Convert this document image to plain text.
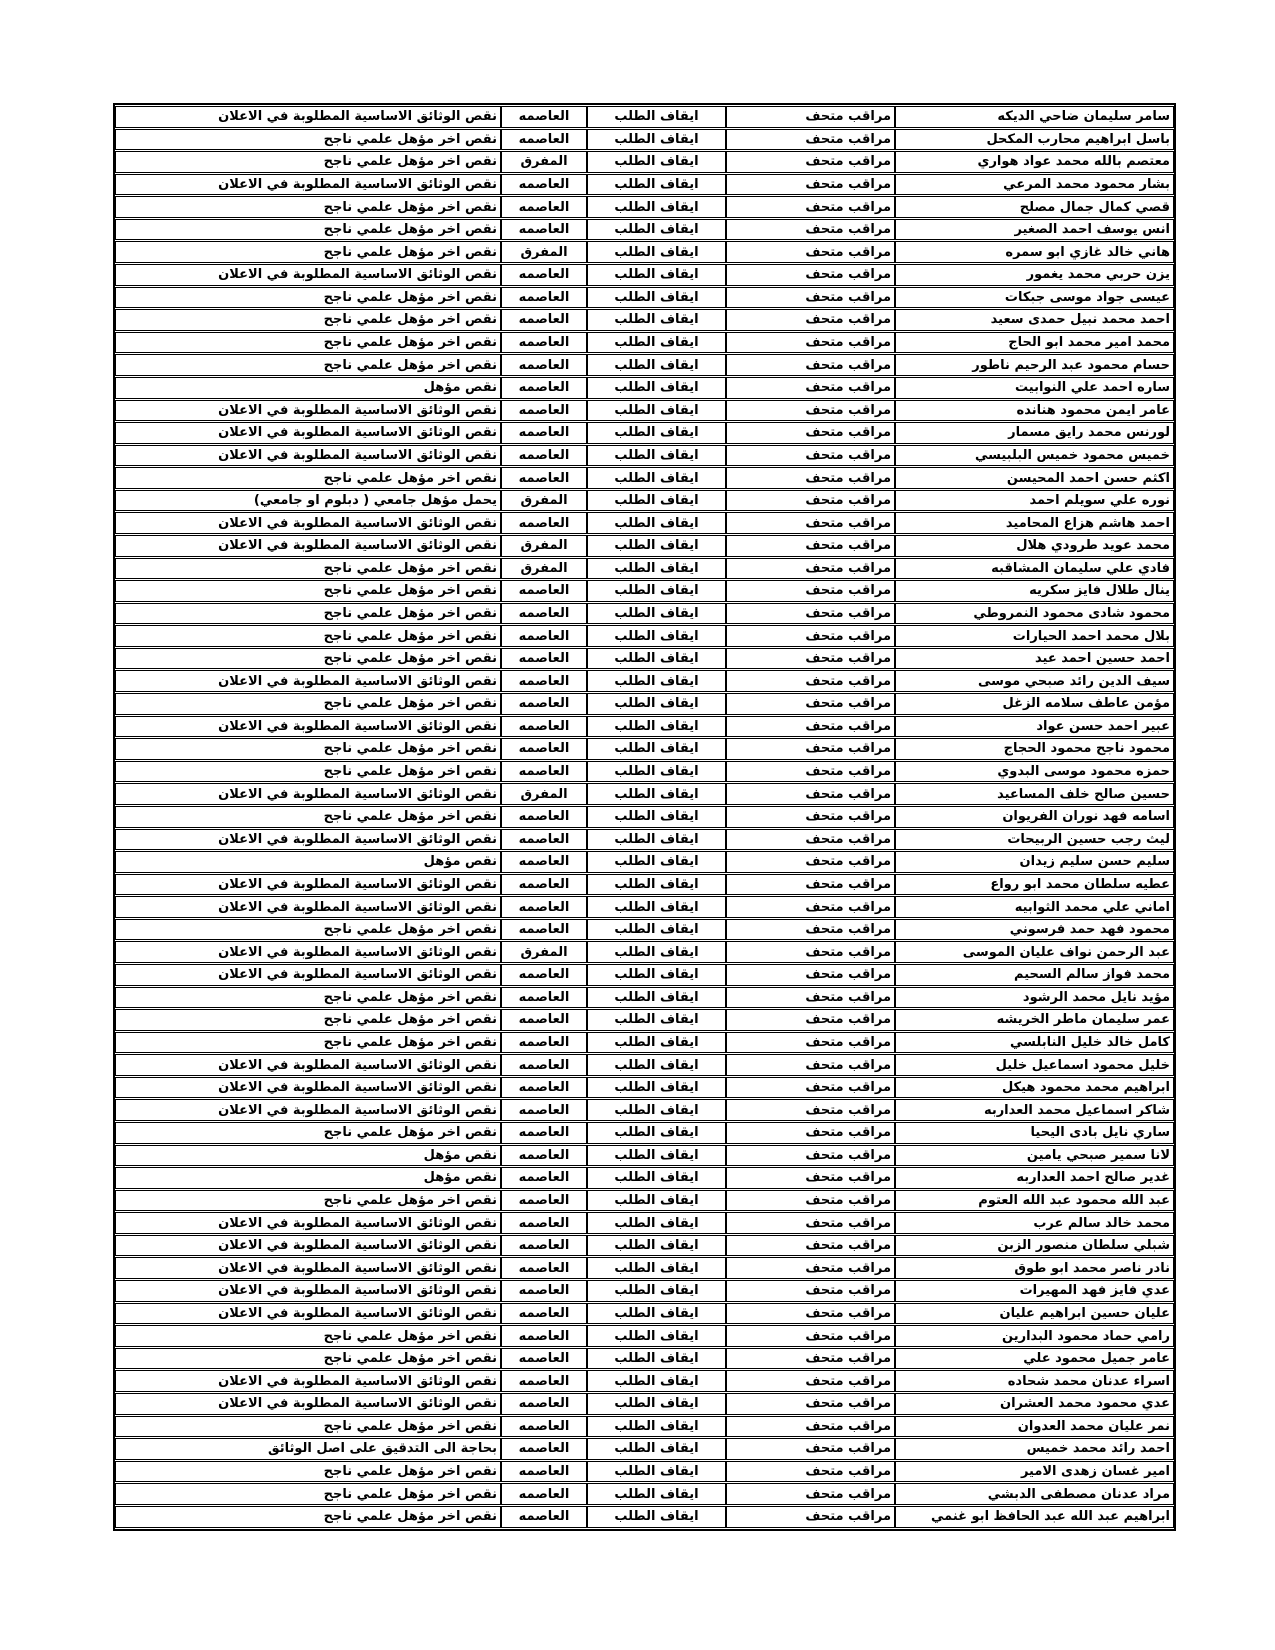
سامر سليمان ضاحي الديكه	مراقب متحف	ايقاف الطلب	العاصمه	نقص الوثائق الاساسية المطلوبة في الاعلان
باسل ابراهيم محارب المكحل	مراقب متحف	ايقاف الطلب	العاصمه	نقص اخر مؤهل علمي ناجح
معتصم بالله محمد عواد هواري	مراقب متحف	ايقاف الطلب	المفرق	نقص اخر مؤهل علمي ناجح
بشار محمود محمد المرعي	مراقب متحف	ايقاف الطلب	العاصمه	نقص الوثائق الاساسية المطلوبة في الاعلان
قصي كمال جمال مصلح	مراقب متحف	ايقاف الطلب	العاصمه	نقص اخر مؤهل علمي ناجح
انس يوسف احمد الصغير	مراقب متحف	ايقاف الطلب	العاصمه	نقص اخر مؤهل علمي ناجح
هاني خالد غازي ابو سمره	مراقب متحف	ايقاف الطلب	المفرق	نقص اخر مؤهل علمي ناجح
يزن حربي محمد يغمور	مراقب متحف	ايقاف الطلب	العاصمه	نقص الوثائق الاساسية المطلوبة في الاعلان
عيسى جواد موسى جبكات	مراقب متحف	ايقاف الطلب	العاصمه	نقص اخر مؤهل علمي ناجح
احمد محمد نبيل حمدى سعيد	مراقب متحف	ايقاف الطلب	العاصمه	نقص اخر مؤهل علمي ناجح
محمد امير محمد ابو الحاج	مراقب متحف	ايقاف الطلب	العاصمه	نقص اخر مؤهل علمي ناجح
حسام محمود عبد الرحيم ناطور	مراقب متحف	ايقاف الطلب	العاصمه	نقص اخر مؤهل علمي ناجح
ساره احمد علي النوابيت	مراقب متحف	ايقاف الطلب	العاصمه	نقص مؤهل
عامر ايمن محمود هنانده	مراقب متحف	ايقاف الطلب	العاصمه	نقص الوثائق الاساسية المطلوبة في الاعلان
لورنس محمد رايق مسمار	مراقب متحف	ايقاف الطلب	العاصمه	نقص الوثائق الاساسية المطلوبة في الاعلان
خميس محمود خميس البلبيسي	مراقب متحف	ايقاف الطلب	العاصمه	نقص الوثائق الاساسية المطلوبة في الاعلان
اكثم حسن احمد المحيسن	مراقب متحف	ايقاف الطلب	العاصمه	نقص اخر مؤهل علمي ناجح
نوره علي سويلم احمد	مراقب متحف	ايقاف الطلب	المفرق	يحمل مؤهل جامعي ( دبلوم او جامعي)
احمد هاشم هزاع المحاميد	مراقب متحف	ايقاف الطلب	العاصمه	نقص الوثائق الاساسية المطلوبة في الاعلان
محمد عويد طرودي هلال	مراقب متحف	ايقاف الطلب	المفرق	نقص الوثائق الاساسية المطلوبة في الاعلان
فادي علي سليمان المشاقبه	مراقب متحف	ايقاف الطلب	المفرق	نقص اخر مؤهل علمي ناجح
ينال طلال فايز سكريه	مراقب متحف	ايقاف الطلب	العاصمه	نقص اخر مؤهل علمي ناجح
محمود شادى محمود النمروطي	مراقب متحف	ايقاف الطلب	العاصمه	نقص اخر مؤهل علمي ناجح
بلال محمد احمد الحيارات	مراقب متحف	ايقاف الطلب	العاصمه	نقص اخر مؤهل علمي ناجح
احمد حسين احمد عيد	مراقب متحف	ايقاف الطلب	العاصمه	نقص اخر مؤهل علمي ناجح
سيف الدين رائد صبحي موسى	مراقب متحف	ايقاف الطلب	العاصمه	نقص الوثائق الاساسية المطلوبة في الاعلان
مؤمن عاطف سلامه الزغل	مراقب متحف	ايقاف الطلب	العاصمه	نقص اخر مؤهل علمي ناجح
عبير احمد حسن عواد	مراقب متحف	ايقاف الطلب	العاصمه	نقص الوثائق الاساسية المطلوبة في الاعلان
محمود ناجح محمود الحجاج	مراقب متحف	ايقاف الطلب	العاصمه	نقص اخر مؤهل علمي ناجح
حمزه محمود موسى البدوي	مراقب متحف	ايقاف الطلب	العاصمه	نقص اخر مؤهل علمي ناجح
حسين صالح خلف المساعيد	مراقب متحف	ايقاف الطلب	المفرق	نقص الوثائق الاساسية المطلوبة في الاعلان
اسامه فهد نوران الفريوان	مراقب متحف	ايقاف الطلب	العاصمه	نقص اخر مؤهل علمي ناجح
ليث رجب حسين الربيحات	مراقب متحف	ايقاف الطلب	العاصمه	نقص الوثائق الاساسية المطلوبة في الاعلان
سليم حسن سليم زيدان	مراقب متحف	ايقاف الطلب	العاصمه	نقص مؤهل
عطيه سلطان محمد ابو رواع	مراقب متحف	ايقاف الطلب	العاصمه	نقص الوثائق الاساسية المطلوبة في الاعلان
اماني علي محمد الثوابيه	مراقب متحف	ايقاف الطلب	العاصمه	نقص الوثائق الاساسية المطلوبة في الاعلان
محمود فهد حمد فرسوني	مراقب متحف	ايقاف الطلب	العاصمه	نقص اخر مؤهل علمي ناجح
عبد الرحمن نواف عليان الموسى	مراقب متحف	ايقاف الطلب	المفرق	نقص الوثائق الاساسية المطلوبة في الاعلان
محمد فواز سالم السحيم	مراقب متحف	ايقاف الطلب	العاصمه	نقص الوثائق الاساسية المطلوبة في الاعلان
مؤيد نايل محمد الرشود	مراقب متحف	ايقاف الطلب	العاصمه	نقص اخر مؤهل علمي ناجح
عمر سليمان ماطر الخريشه	مراقب متحف	ايقاف الطلب	العاصمه	نقص اخر مؤهل علمي ناجح
كامل خالد خليل النابلسي	مراقب متحف	ايقاف الطلب	العاصمه	نقص اخر مؤهل علمي ناجح
خليل محمود اسماعيل خليل	مراقب متحف	ايقاف الطلب	العاصمه	نقص الوثائق الاساسية المطلوبة في الاعلان
ابراهيم محمد محمود هيكل	مراقب متحف	ايقاف الطلب	العاصمه	نقص الوثائق الاساسية المطلوبة في الاعلان
شاكر اسماعيل محمد العداربه	مراقب متحف	ايقاف الطلب	العاصمه	نقص الوثائق الاساسية المطلوبة في الاعلان
ساري نايل بادى اليحيا	مراقب متحف	ايقاف الطلب	العاصمه	نقص اخر مؤهل علمي ناجح
لانا سمير صبحي يامين	مراقب متحف	ايقاف الطلب	العاصمه	نقص مؤهل
غدير صالح احمد العداربه	مراقب متحف	ايقاف الطلب	العاصمه	نقص مؤهل
عبد الله محمود عبد الله العتوم	مراقب متحف	ايقاف الطلب	العاصمه	نقص اخر مؤهل علمي ناجح
محمد خالد سالم عرب	مراقب متحف	ايقاف الطلب	العاصمه	نقص الوثائق الاساسية المطلوبة في الاعلان
شبلي سلطان منصور الزبن	مراقب متحف	ايقاف الطلب	العاصمه	نقص الوثائق الاساسية المطلوبة في الاعلان
نادر ناصر محمد ابو طوق	مراقب متحف	ايقاف الطلب	العاصمه	نقص الوثائق الاساسية المطلوبة في الاعلان
عدي فايز فهد المهيرات	مراقب متحف	ايقاف الطلب	العاصمه	نقص الوثائق الاساسية المطلوبة في الاعلان
عليان حسين ابراهيم عليان	مراقب متحف	ايقاف الطلب	العاصمه	نقص الوثائق الاساسية المطلوبة في الاعلان
رامي حماد محمود البدارين	مراقب متحف	ايقاف الطلب	العاصمه	نقص اخر مؤهل علمي ناجح
عامر جميل محمود علي	مراقب متحف	ايقاف الطلب	العاصمه	نقص اخر مؤهل علمي ناجح
اسراء عدنان محمد شحاده	مراقب متحف	ايقاف الطلب	العاصمه	نقص الوثائق الاساسية المطلوبة في الاعلان
عدي محمود محمد العشران	مراقب متحف	ايقاف الطلب	العاصمه	نقص الوثائق الاساسية المطلوبة في الاعلان
نمر عليان محمد العدوان	مراقب متحف	ايقاف الطلب	العاصمه	نقص اخر مؤهل علمي ناجح
احمد رائد محمد خميس	مراقب متحف	ايقاف الطلب	العاصمه	بحاجة الى التدقيق على اصل الوثائق
امير غسان زهدى الامير	مراقب متحف	ايقاف الطلب	العاصمه	نقص اخر مؤهل علمي ناجح
مراد عدنان مصطفى الدبشي	مراقب متحف	ايقاف الطلب	العاصمه	نقص اخر مؤهل علمي ناجح
ابراهيم عبد الله عبد الحافظ ابو غنمي	مراقب متحف	ايقاف الطلب	العاصمه	نقص اخر مؤهل علمي ناجح
